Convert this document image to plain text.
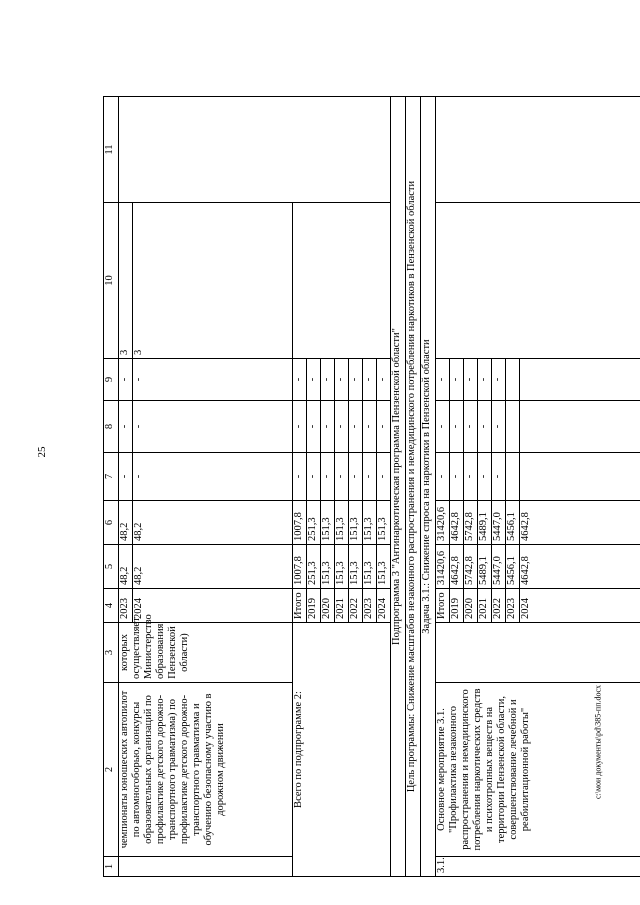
25
1	2	3	4	5	6	7	8	9	10	11
	чемпионаты юношеских автопилот по автомногоборью, конкурсы образовательных организаций по профилактике детского дорожно-транспортного травматизма) по профилактике детского дорожно-транспортного травматизма и обучению безопасному участию в дорожном движении	которых осуществляет Министерство образования Пензенской области)	2023	48,2	48,2	-	-	-	3	
			2024	48,2	48,2	-	-	-	3	
Всего по подпрограмме 2:			Итого	1007,8	1007,8	-	-	-		
			2019	251,3	251,3	-	-	-		
			2020	151,3	151,3	-	-	-		
			2021	151,3	151,3	-	-	-		
			2022	151,3	151,3	-	-	-		
			2023	151,3	151,3	-	-	-		
			2024	151,3	151,3	-	-	-		
Подпрограмма 3 "Антинаркотическая программа Пензенской области"										
Цель программы: Снижение масштабов незаконного распространения и немедицинского потребления наркотиков в Пензенской области										
Задача 3.1.: Снижение спроса на наркотики в Пензенской области										
3.1.	Основное мероприятие 3.1. "Профилактика незаконного распространения и немедицинского потребления наркотических средств и психотропных веществ на территории Пензенской области, совершенствование лечебной и реабилитационной работы"		Итого	31420,6	31420,6	-	-	-		
			2019	4642,8	4642,8	-	-	-		
			2020	5742,8	5742,8	-	-	-		
			2021	5489,1	5489,1	-	-	-		
			2022	5447,0	5447,0	-	-	-		
			2023	5456,1	5456,1					
			2024	4642,8	4642,8					
c:\мои документы\pd\385-пп.docx
